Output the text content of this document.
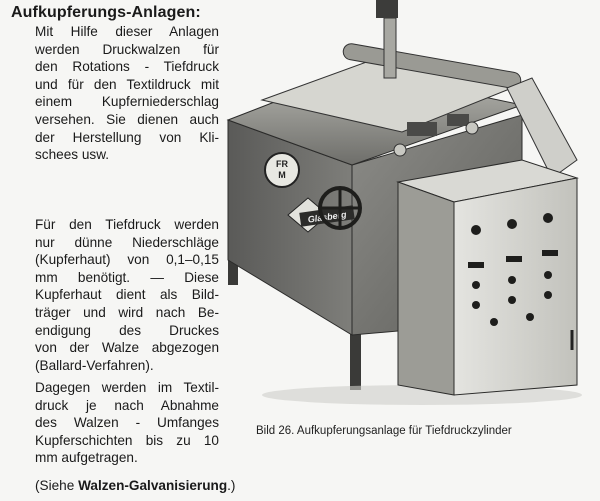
Aufkupferungs-Anlagen:
Mit Hilfe dieser Anlagen
werden Druckwalzen für
den Rotations - Tiefdruck
und für den Textildruck mit
einem Kupferniederschlag
versehen. Sie dienen auch
der Herstellung von Kli-
schees usw.
Für den Tiefdruck werden
nur dünne Niederschläge
(Kupferhaut) von 0,1–0,15
mm benötigt. — Diese
Kupferhaut dient als Bild-
träger und wird nach Be-
endigung des Druckes
von der Walze abgezogen
(Ballard-Verfahren).
Dagegen werden im Textil-
druck je nach Abnahme
des Walzen - Umfanges
Kupferschichten bis zu 10
mm aufgetragen.
(Siehe Walzen-Galvanisierung.)
FR
M
Glasberg
Bild 26. Aufkupferungsanlage für Tiefdruckzylinder
